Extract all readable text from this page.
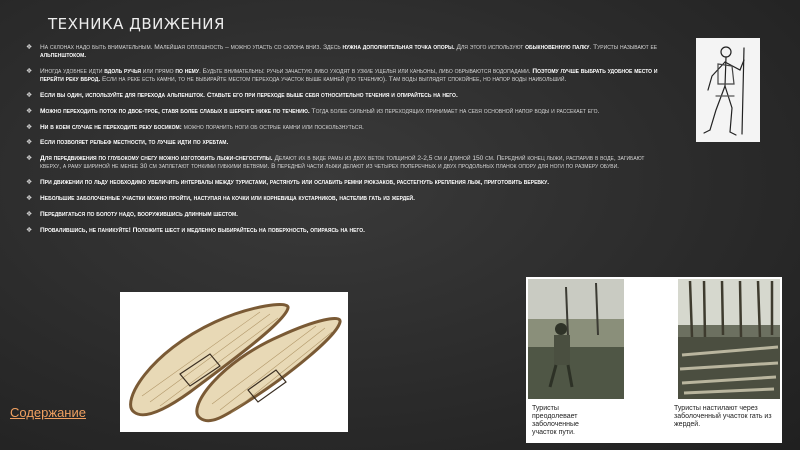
ТЕХНИКА ДВИЖЕНИЯ
❖ На склонах надо быть внимательным. Малейшая оплошность – можно упасть со склона вниз. Здесь нужна дополнительная точка опоры. Для этого используют обыкновенную палку. Туристы называют ее альпенштоком.
❖ Иногда удобнее идти вдоль ручья или прямо по нему. Будьте внимательны: ручьи зачастую либо уходят в узкие ущелья или каньоны, либо обрываются водопадами. Поэтому лучше выбрать удобное место и перейти реку вброд. Если на реке есть камни, то не выбирайте местом перехода участок выше камней (по течению). Там воды выглядят спокойнее, но напор воды наибольший.
❖ Если вы один, используйте для перехода альпеншток. Ставьте его при переходе выше себя относительно течения и опирайтесь на него.
❖ Можно переходить поток по двое-трое, ставя более слабых в шеренге ниже по течению. Тогда более сильный из переходящих принимает на себя основной напор воды и рассекает его.
❖ Ни в коем случае не переходите реку босиком: можно поранить ноги об острые камни или поскользнуться.
❖ Если позволяет рельеф местности, то лучше идти по хребтам.
❖ Для передвижения по глубокому снегу можно изготовить лыжи-снегоступы. Делают их в виде рамы из двух веток толщиной 2-2,5 см и длиной 150 см. Передний конец лыжи, распарив в воде, загибают кверху, а раму шириной не менее 30 см заплетают тонкими гибкими ветвями. В передней части лыжи делают из четырех поперечных и двух продольных планок опору для ноги по размеру обуви.
❖ При движении по льду необходимо увеличить интервалы между туристами, растянуть или ослабить ремни рюкзаков, расстегнуть крепления лыж, приготовить веревку.
❖ Небольшие заболоченные участки можно пройти, наступая на кочки или корневища кустарников, настелив гать из жердей.
❖ Передвигаться по болоту надо, вооружившись длинным шестом.
❖ Провалившись, не паникуйте! Положите шест и медленно выбирайтесь на поверхность, опираясь на него.
Туристы преодолевает заболоченные участок пути.
Туристы настилают через заболоченный участок гать из жердей.
Содержание
